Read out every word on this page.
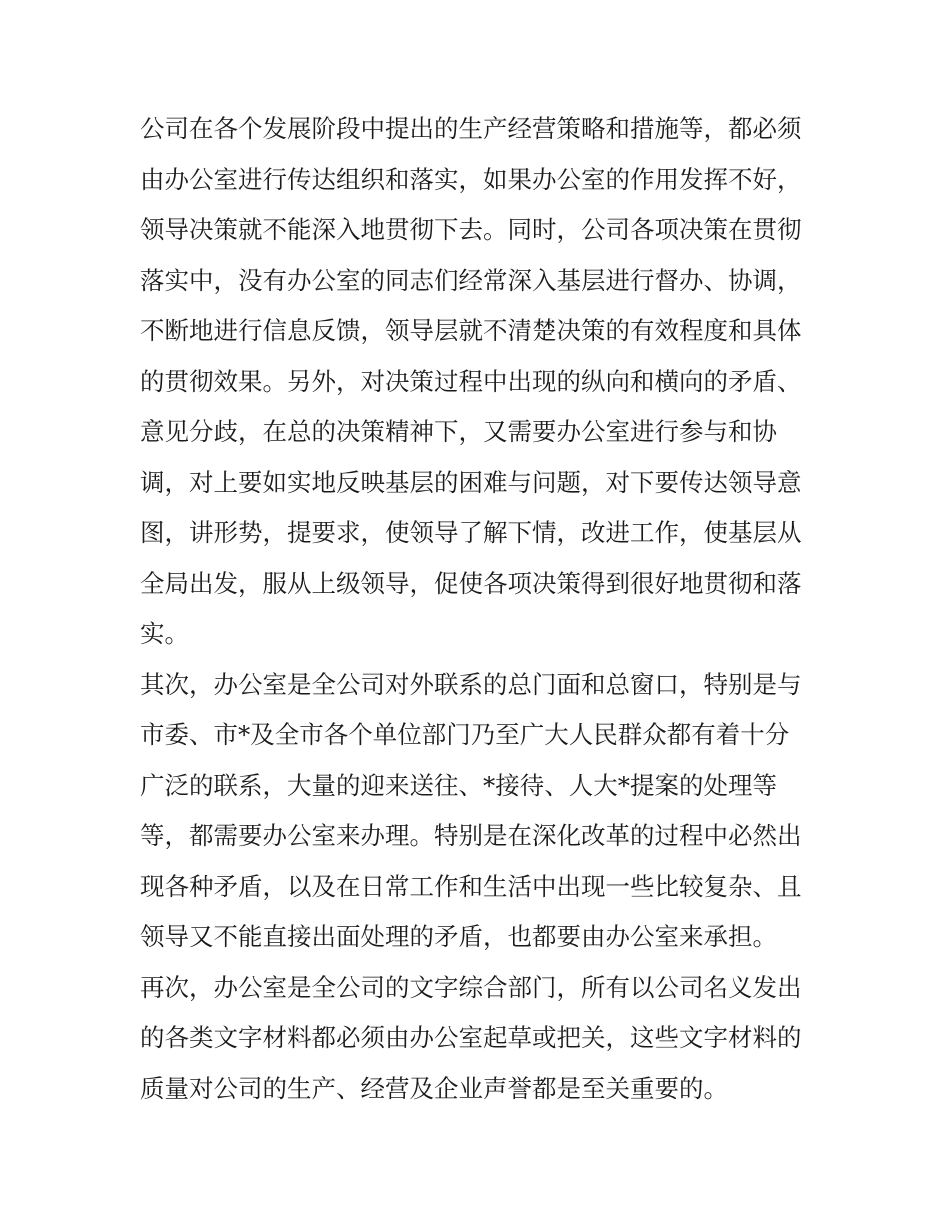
公司在各个发展阶段中提出的生产经营策略和措施等，都必须
由办公室进行传达组织和落实，如果办公室的作用发挥不好，
领导决策就不能深入地贯彻下去。同时，公司各项决策在贯彻
落实中，没有办公室的同志们经常深入基层进行督办、协调，
不断地进行信息反馈，领导层就不清楚决策的有效程度和具体
的贯彻效果。另外，对决策过程中出现的纵向和横向的矛盾、
意见分歧，在总的决策精神下，又需要办公室进行参与和协
调，对上要如实地反映基层的困难与问题，对下要传达领导意
图，讲形势，提要求，使领导了解下情，改进工作，使基层从
全局出发，服从上级领导，促使各项决策得到很好地贯彻和落
实。
其次，办公室是全公司对外联系的总门面和总窗口，特别是与
市委、市*及全市各个单位部门乃至广大人民群众都有着十分
广泛的联系，大量的迎来送往、*接待、人大*提案的处理等
等，都需要办公室来办理。特别是在深化改革的过程中必然出
现各种矛盾，以及在日常工作和生活中出现一些比较复杂、且
领导又不能直接出面处理的矛盾，也都要由办公室来承担。
再次，办公室是全公司的文字综合部门，所有以公司名义发出
的各类文字材料都必须由办公室起草或把关，这些文字材料的
质量对公司的生产、经营及企业声誉都是至关重要的。
